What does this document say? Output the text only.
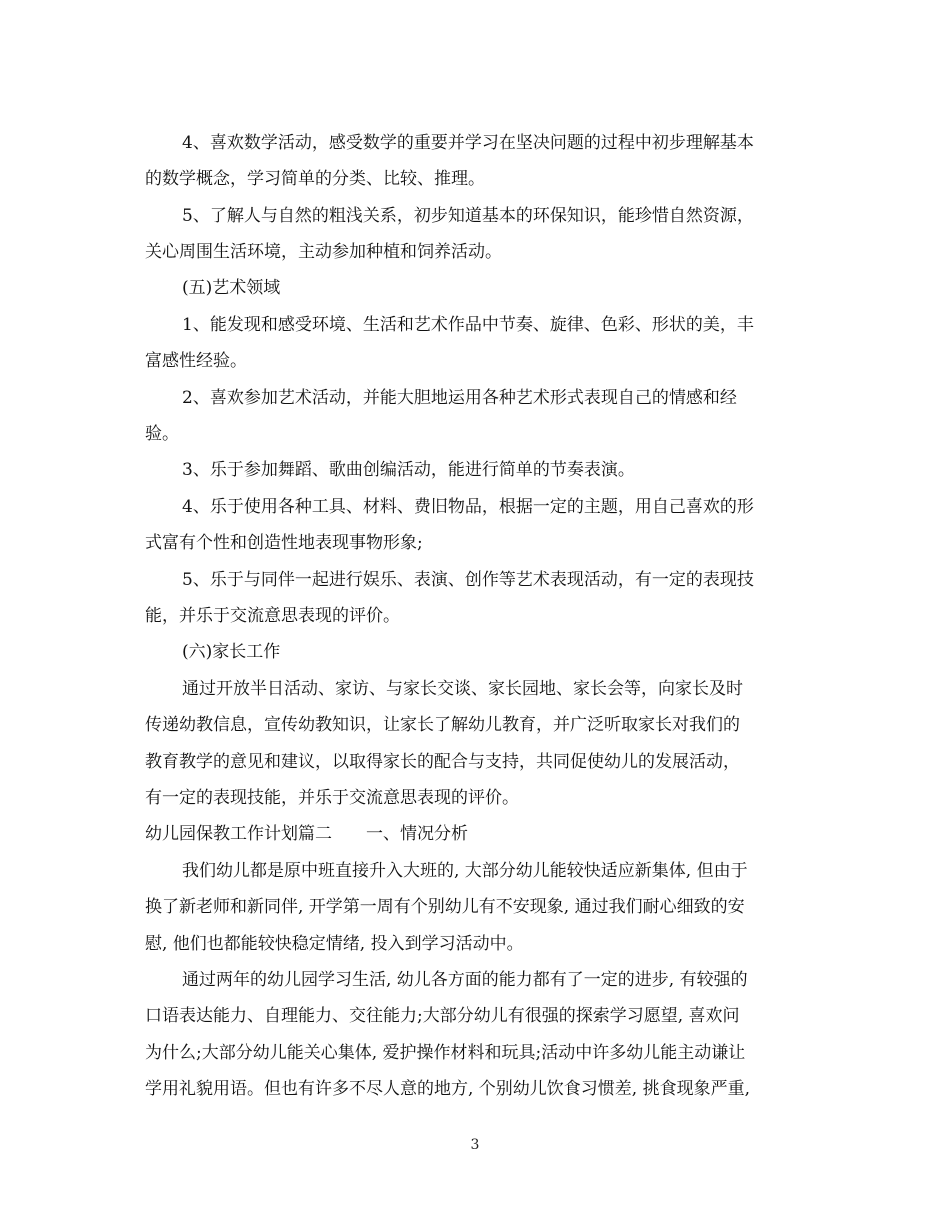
4、喜欢数学活动，感受数学的重要并学习在坚决问题的过程中初步理解基本
的数学概念，学习简单的分类、比较、推理。
5、了解人与自然的粗浅关系，初步知道基本的环保知识，能珍惜自然资源，
关心周围生活环境，主动参加种植和饲养活动。
(五)艺术领域
1、能发现和感受环境、生活和艺术作品中节奏、旋律、色彩、形状的美，丰
富感性经验。
2、喜欢参加艺术活动，并能大胆地运用各种艺术形式表现自己的情感和经
验。
3、乐于参加舞蹈、歌曲创编活动，能进行简单的节奏表演。
4、乐于使用各种工具、材料、费旧物品，根据一定的主题，用自己喜欢的形
式富有个性和创造性地表现事物形象;
5、乐于与同伴一起进行娱乐、表演、创作等艺术表现活动，有一定的表现技
能，并乐于交流意思表现的评价。
(六)家长工作
通过开放半日活动、家访、与家长交谈、家长园地、家长会等，向家长及时
传递幼教信息，宣传幼教知识，让家长了解幼儿教育，并广泛听取家长对我们的
教育教学的意见和建议，以取得家长的配合与支持，共同促使幼儿的发展活动，
有一定的表现技能，并乐于交流意思表现的评价。
幼儿园保教工作计划篇二　　一、情况分析
我们幼儿都是原中班直接升入大班的, 大部分幼儿能较快适应新集体, 但由于
换了新老师和新同伴, 开学第一周有个别幼儿有不安现象, 通过我们耐心细致的安
慰, 他们也都能较快稳定情绪, 投入到学习活动中。
通过两年的幼儿园学习生活, 幼儿各方面的能力都有了一定的进步, 有较强的
口语表达能力、自理能力、交往能力;大部分幼儿有很强的探索学习愿望, 喜欢问
为什么;大部分幼儿能关心集体, 爱护操作材料和玩具;活动中许多幼儿能主动谦让
学用礼貌用语。但也有许多不尽人意的地方, 个别幼儿饮食习惯差, 挑食现象严重,
3
